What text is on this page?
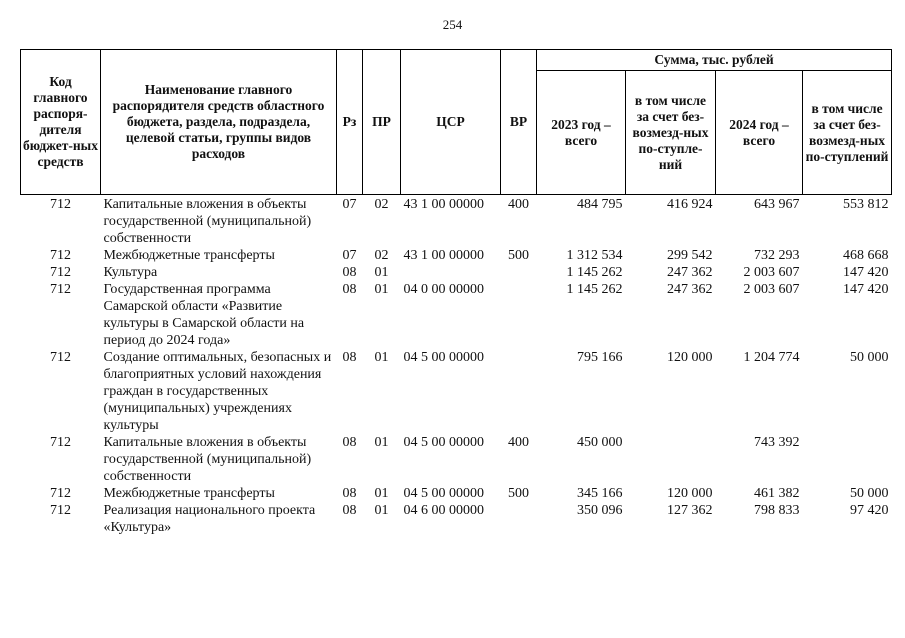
254
Код главного распоря-дителя бюджет-ных средств	Наименование главного распорядителя средств областного бюджета, раздела, подраздела, целевой статьи, группы видов расходов	Рз	ПР	ЦСР	ВР	Сумма, тыс. рублей			
						2023 год – всего	в том числе за счет без-возмезд-ных по-ступле-ний	2024 год – всего	в том числе за счет без-возмезд-ных по-ступлений
712	Капитальные вложения в объекты государственной (муниципальной) собственности	07	02	43 1 00 00000	400	484 795	416 924	643 967	553 812
712	Межбюджетные трансферты	07	02	43 1 00 00000	500	1 312 534	299 542	732 293	468 668
712	Культура	08	01			1 145 262	247 362	2 003 607	147 420
712	Государственная программа Самарской области «Развитие культуры в Самарской области на период до 2024 года»	08	01	04 0 00 00000		1 145 262	247 362	2 003 607	147 420
712	Создание оптимальных, безопасных и благоприятных условий нахождения граждан в государственных (муниципальных) учреждениях культуры	08	01	04 5 00 00000		795 166	120 000	1 204 774	50 000
712	Капитальные вложения в объекты государственной (муниципальной) собственности	08	01	04 5 00 00000	400	450 000		743 392	
712	Межбюджетные трансферты	08	01	04 5 00 00000	500	345 166	120 000	461 382	50 000
712	Реализация национального проекта «Культура»	08	01	04 6 00 00000		350 096	127 362	798 833	97 420
